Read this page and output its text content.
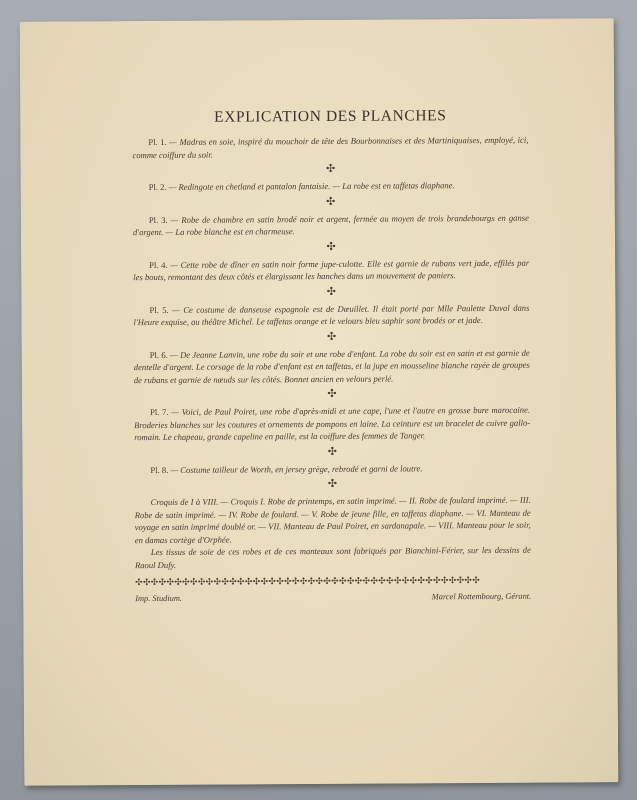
EXPLICATION DES PLANCHES

Pl. 1. — Madras en soie, inspiré du mouchoir de tête des Bourbonnaises et des Martiniquaises, employé, ici, comme coiffure du soir.

✣

Pl. 2. — Redingote en chetland et pantalon fantaisie. — La robe est en taffetas diaphane.

✣

Pl. 3. — Robe de chambre en satin brodé noir et argent, fermée au moyen de trois brandebourgs en ganse d'argent. — La robe blanche est en charmeuse.

✣

Pl. 4. — Cette robe de dîner en satin noir forme jupe-culotte. Elle est garnie de rubans vert jade, effilés par les bouts, remontant des deux côtés et élargissant les hanches dans un mouvement de paniers.

✣

Pl. 5. — Ce costume de danseuse espagnole est de Dœuillet. Il était porté par Mlle Paulette Duval dans l'Heure exquise, au théâtre Michel. Le taffetas orange et le velours bleu saphir sont brodés or et jade.

✣

Pl. 6. — De Jeanne Lanvin, une robe du soir et une robe d'enfant. La robe du soir est en satin et est garnie de dentelle d'argent. Le corsage de la robe d'enfant est en taffetas, et la jupe en mousseline blanche rayée de groupes de rubans et garnie de nœuds sur les côtés. Bonnet ancien en velours perlé.

✣

Pl. 7. — Voici, de Paul Poiret, une robe d'après-midi et une cape, l'une et l'autre en grosse bure marocaine. Broderies blanches sur les coutures et ornements de pompons en laine. La ceinture est un bracelet de cuivre gallo-romain. Le chapeau, grande capeline en paille, est la coiffure des femmes de Tanger.

✣

Pl. 8. — Costume tailleur de Worth, en jersey grège, rebrodé et garni de loutre.

✣

Croquis de I à VIII. — Croquis I. Robe de printemps, en satin imprimé. — II. Robe de foulard imprimé. — III. Robe de satin imprimé. — IV. Robe de foulard. — V. Robe de jeune fille, en taffetas diaphane. — VI. Manteau de voyage en satin imprimé doublé or. — VII. Manteau de Paul Poiret, en sardanapale. — VIII. Manteau pour le soir, en damas cortège d'Orphée.

Les tissus de soie de ces robes et de ces manteaux sont fabriqués par Bianchini-Férier, sur les dessins de Raoul Dufy.

✣✣✣✣✣✣✣✣✣✣✣✣✣✣✣✣✣✣✣✣✣✣✣✣✣✣✣✣✣✣✣✣✣✣✣✣✣✣✣✣✣✣✣✣
Imp. Studium.	Marcel Rottembourg, Gérant.
